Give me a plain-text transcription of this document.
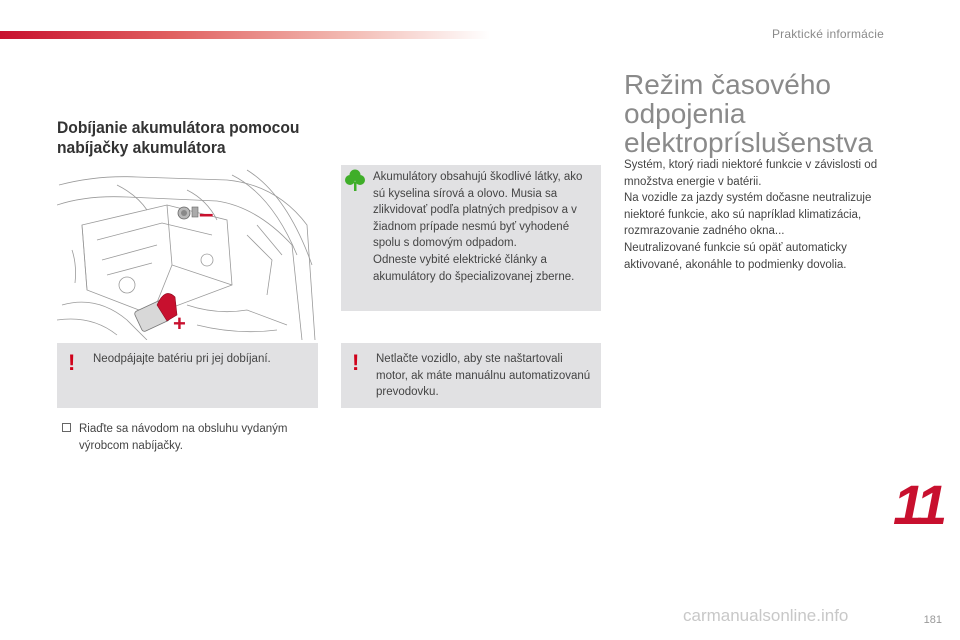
Praktické informácie
Dobíjanie akumulátora pomocou nabíjačky akumulátora
–
+
! Neodpájajte batériu pri jej dobíjaní.
Riaďte sa návodom na obsluhu vydaným výrobcom nabíjačky.
Akumulátory obsahujú škodlivé látky, ako sú kyselina sírová a olovo. Musia sa zlikvidovať podľa platných predpisov a v žiadnom prípade nesmú byť vyhodené spolu s domovým odpadom.
Odneste vybité elektrické články a akumulátory do špecializovanej zberne.
! Netlačte vozidlo, aby ste naštartovali motor, ak máte manuálnu automatizovanú prevodovku.
Režim časového odpojenia elektropríslušenstva
Systém, ktorý riadi niektoré funkcie v závislosti od množstva energie v batérii.
Na vozidle za jazdy systém dočasne neutralizuje niektoré funkcie, ako sú napríklad klimatizácia, rozmrazovanie zadného okna...
Neutralizované funkcie sú opäť automaticky aktivované, akonáhle to podmienky dovolia.
11
181
carmanualsonline.info
